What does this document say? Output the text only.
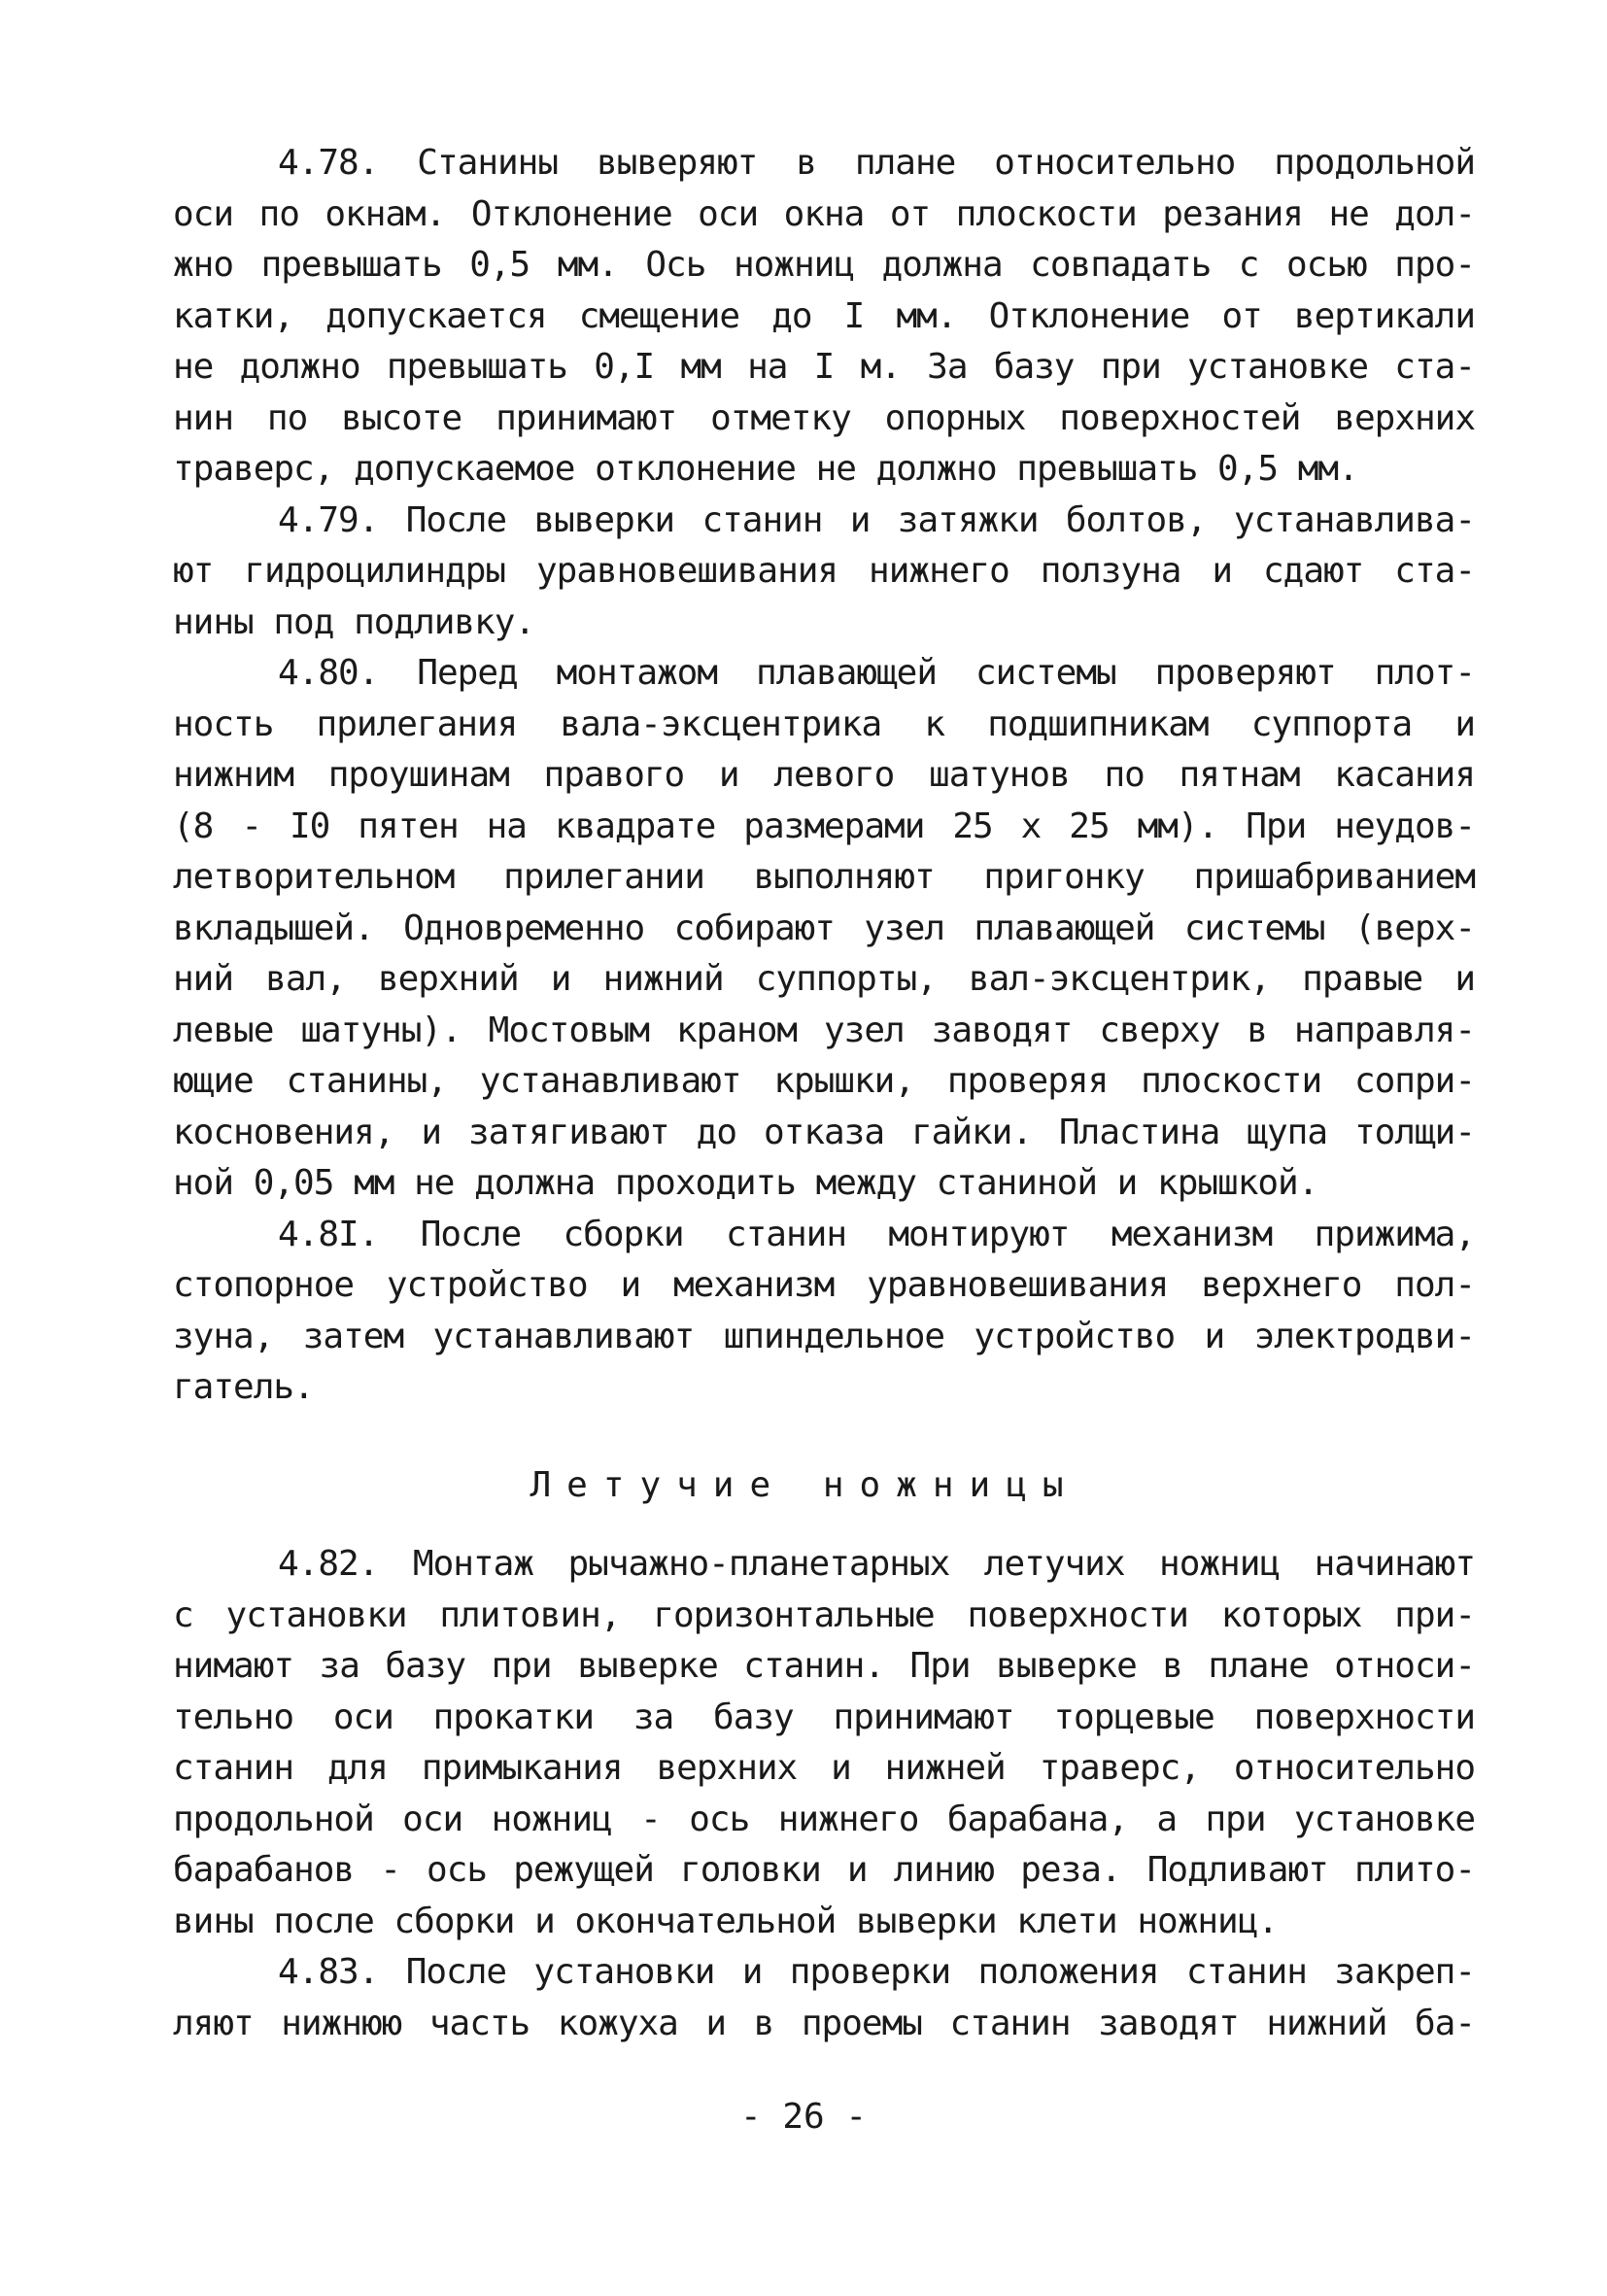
4.78. Станины выверяют в плане относительно продольной
оси по окнам. Отклонение оси окна от плоскости резания не дол-
жно превышать 0,5 мм. Ось ножниц должна совпадать с осью про-
катки, допускается смещение до I мм. Отклонение от вертикали
не должно превышать 0,I мм на I м. За базу при установке ста-
нин по высоте принимают отметку опорных поверхностей верхних
траверс, допускаемое отклонение не должно превышать 0,5 мм.
4.79. После выверки станин и затяжки болтов, устанавлива-
ют гидроцилиндры уравновешивания нижнего ползуна и сдают ста-
нины под подливку.
4.80. Перед монтажом плавающей системы проверяют плот-
ность прилегания вала-эксцентрика к подшипникам суппорта и
нижним проушинам правого и левого шатунов по пятнам касания
(8 - I0 пятен на квадрате размерами 25 x 25 мм). При неудов-
летворительном прилегании выполняют пригонку пришабриванием
вкладышей. Одновременно собирают узел плавающей системы (верх-
ний вал, верхний и нижний суппорты, вал-эксцентрик, правые и
левые шатуны). Мостовым краном узел заводят сверху в направля-
ющие станины, устанавливают крышки, проверяя плоскости сопри-
косновения, и затягивают до отказа гайки. Пластина щупа толщи-
ной 0,05 мм не должна проходить между станиной и крышкой.
4.8I. После сборки станин монтируют механизм прижима,
стопорное устройство и механизм уравновешивания верхнего пол-
зуна, затем устанавливают шпиндельное устройство и электродви-
гатель.
Летучие ножницы
4.82. Монтаж рычажно-планетарных летучих ножниц начинают
с установки плитовин, горизонтальные поверхности которых при-
нимают за базу при выверке станин. При выверке в плане относи-
тельно оси прокатки за базу принимают торцевые поверхности
станин для примыкания верхних и нижней траверс, относительно
продольной оси ножниц - ось нижнего барабана, а при установке
барабанов - ось режущей головки и линию реза. Подливают плито-
вины после сборки и окончательной выверки клети ножниц.
4.83. После установки и проверки положения станин закреп-
ляют нижнюю часть кожуха и в проемы станин заводят нижний ба-
- 26 -
